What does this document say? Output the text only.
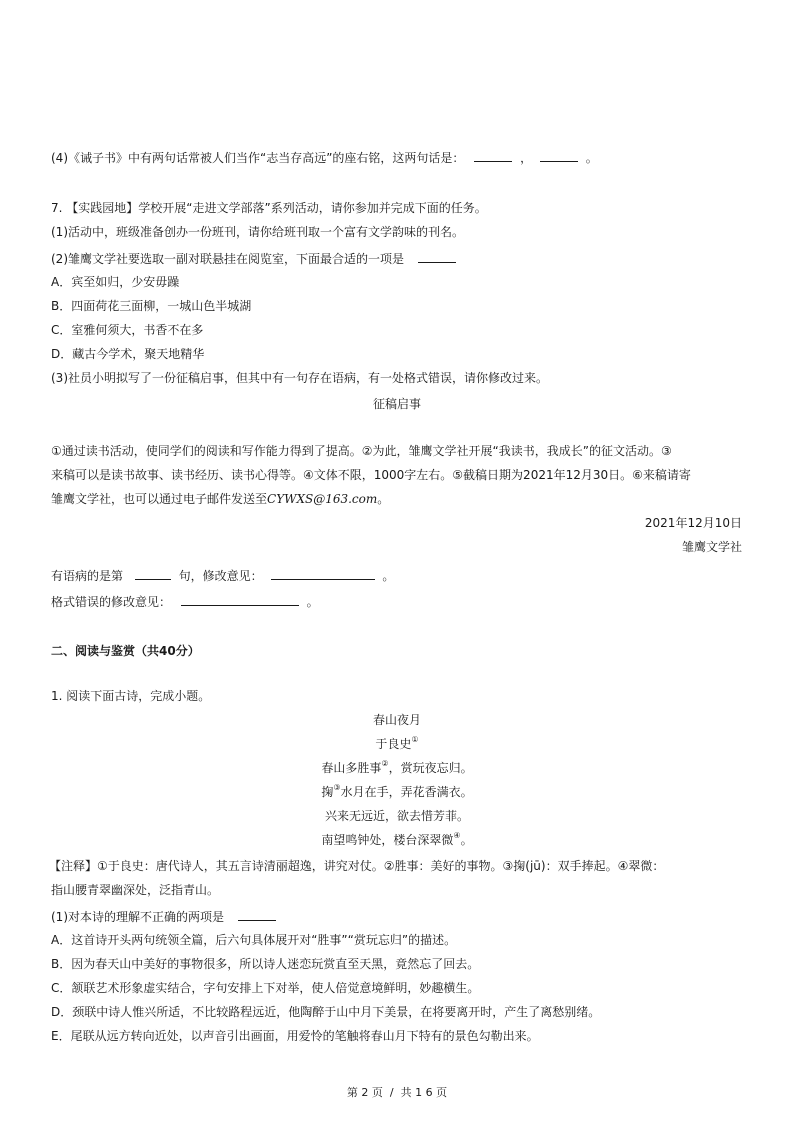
(4)《诫子书》中有两句话常被人们当作“志当存高远”的座右铭，这两句话是：	，	。
7. 【实践园地】学校开展“走进文学部落”系列活动，请你参加并完成下面的任务。
(1)活动中，班级准备创办一份班刊，请你给班刊取一个富有文学韵味的刊名。
(2)雏鹰文学社要选取一副对联悬挂在阅览室，下面最合适的一项是
A．宾至如归，少安毋躁
B．四面荷花三面柳，一城山色半城湖
C．室雅何须大，书香不在多
D．藏古今学术，聚天地精华
(3)社员小明拟写了一份征稿启事，但其中有一句存在语病，有一处格式错误，请你修改过来。
征稿启事
①通过读书活动，使同学们的阅读和写作能力得到了提高。②为此，雏鹰文学社开展“我读书，我成长”的征文活动。③
来稿可以是读书故事、读书经历、读书心得等。④文体不限，1000字左右。⑤截稿日期为2021年12月30日。⑥来稿请寄
雏鹰文学社，也可以通过电子邮件发送至CYWXS@163.com。
2021年12月10日
雏鹰文学社
有语病的是第	句，修改意见：	。
格式错误的修改意见：	。
二、阅读与鉴赏（共40分）
1. 阅读下面古诗，完成小题。
春山夜月
于良史①
春山多胜事②，赏玩夜忘归。
掬③水月在手，弄花香满衣。
兴来无远近，欲去惜芳菲。
南望鸣钟处，楼台深翠微④。
【注释】①于良史：唐代诗人，其五言诗清丽超逸，讲究对仗。②胜事：美好的事物。③掬(jū)：双手捧起。④翠微：
指山腰青翠幽深处，泛指青山。
(1)对本诗的理解不正确的两项是
A．这首诗开头两句统领全篇，后六句具体展开对“胜事”“赏玩忘归”的描述。
B．因为春天山中美好的事物很多，所以诗人迷恋玩赏直至天黑，竟然忘了回去。
C．颔联艺术形象虚实结合，字句安排上下对举，使人倍觉意境鲜明，妙趣横生。
D．颈联中诗人惟兴所适，不比较路程远近，他陶醉于山中月下美景，在将要离开时，产生了离愁别绪。
E．尾联从远方转向近处，以声音引出画面，用爱怜的笔触将春山月下特有的景色勾勒出来。
第 2 页  /  共 1 6 页
